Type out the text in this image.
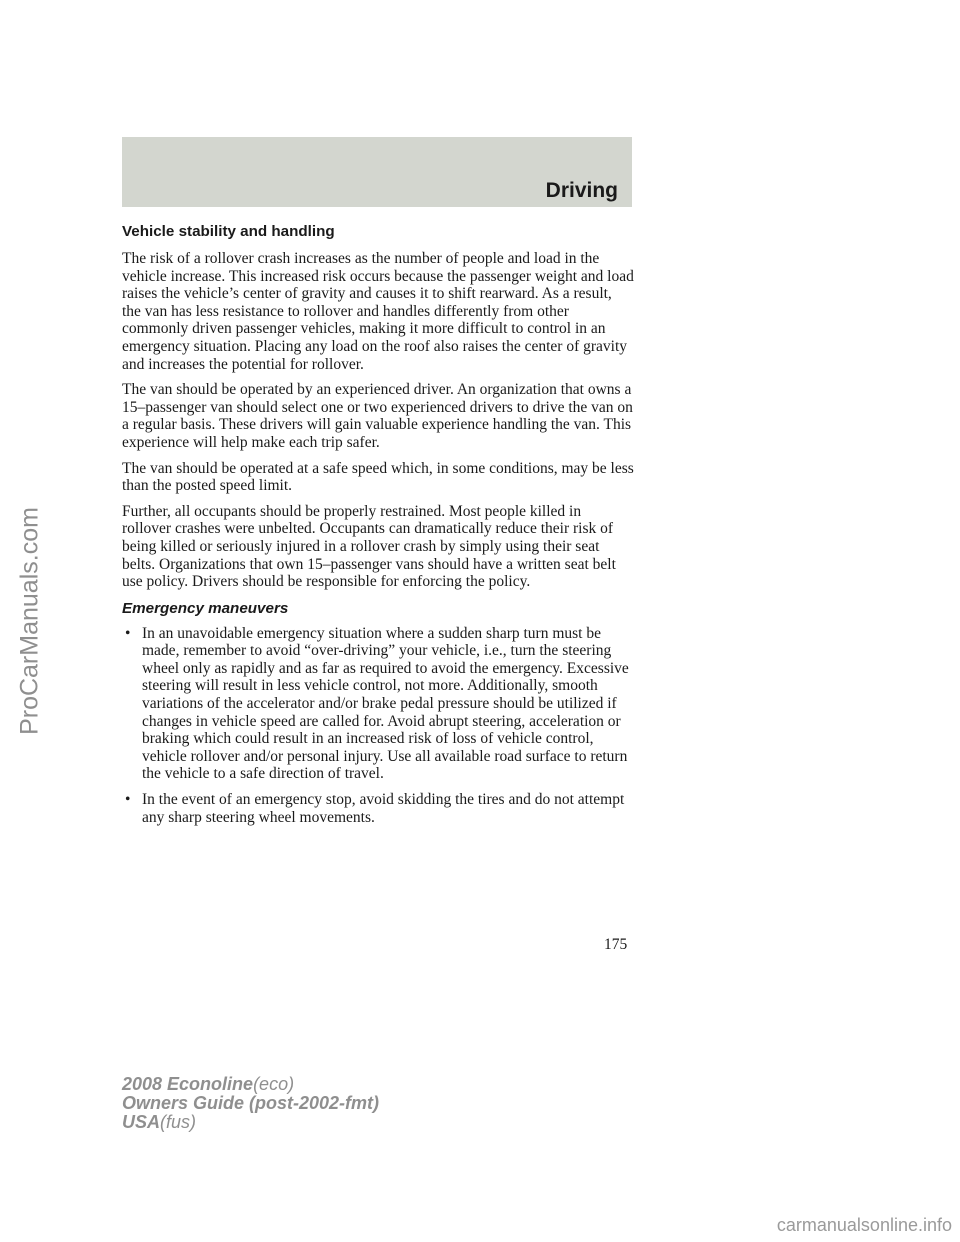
Driving
Vehicle stability and handling

The risk of a rollover crash increases as the number of people and load in the vehicle increase. This increased risk occurs because the passenger weight and load raises the vehicle’s center of gravity and causes it to shift rearward. As a result, the van has less resistance to rollover and handles differently from other commonly driven passenger vehicles, making it more difficult to control in an emergency situation. Placing any load on the roof also raises the center of gravity and increases the potential for rollover.

The van should be operated by an experienced driver. An organization that owns a 15–passenger van should select one or two experienced drivers to drive the van on a regular basis. These drivers will gain valuable experience handling the van. This experience will help make each trip safer.

The van should be operated at a safe speed which, in some conditions, may be less than the posted speed limit.

Further, all occupants should be properly restrained. Most people killed in rollover crashes were unbelted. Occupants can dramatically reduce their risk of being killed or seriously injured in a rollover crash by simply using their seat belts. Organizations that own 15–passenger vans should have a written seat belt use policy. Drivers should be responsible for enforcing the policy.

Emergency maneuvers
• In an unavoidable emergency situation where a sudden sharp turn must be made, remember to avoid “over-driving” your vehicle, i.e., turn the steering wheel only as rapidly and as far as required to avoid the emergency. Excessive steering will result in less vehicle control, not more. Additionally, smooth variations of the accelerator and/or brake pedal pressure should be utilized if changes in vehicle speed are called for. Avoid abrupt steering, acceleration or braking which could result in an increased risk of loss of vehicle control, vehicle rollover and/or personal injury. Use all available road surface to return the vehicle to a safe direction of travel.
• In the event of an emergency stop, avoid skidding the tires and do not attempt any sharp steering wheel movements.
175
2008 Econoline(eco)
Owners Guide (post-2002-fmt)
USA(fus)
ProCarManuals.com
carmanualsonline.info
